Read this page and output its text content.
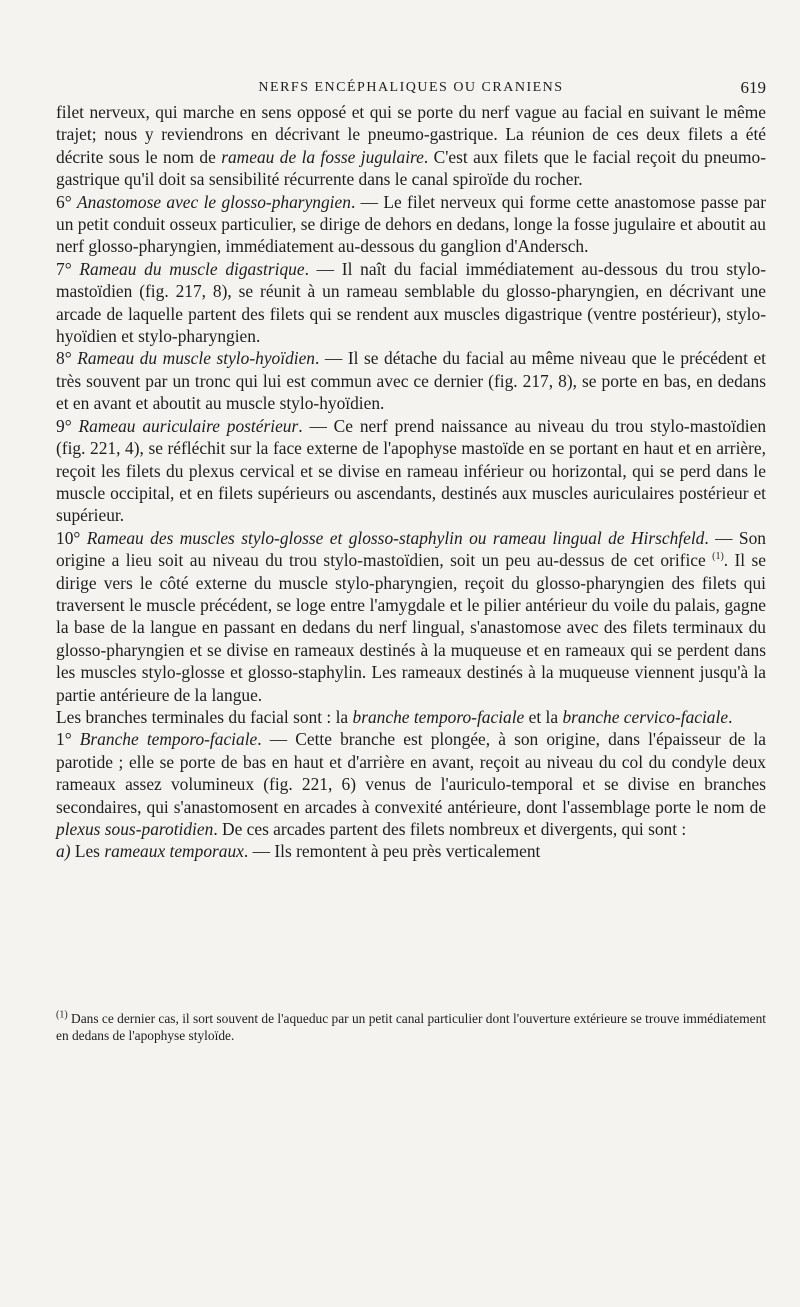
NERFS ENCÉPHALIQUES OU CRANIENS	619

filet nerveux, qui marche en sens opposé et qui se porte du nerf vague au facial en suivant le même trajet; nous y reviendrons en décrivant le pneumo-gastrique. La réunion de ces deux filets a été décrite sous le nom de rameau de la fosse jugulaire. C'est aux filets que le facial reçoit du pneumo-gastrique qu'il doit sa sensibilité récurrente dans le canal spiroïde du rocher.

6° Anastomose avec le glosso-pharyngien. — Le filet nerveux qui forme cette anastomose passe par un petit conduit osseux particulier, se dirige de dehors en dedans, longe la fosse jugulaire et aboutit au nerf glosso-pharyngien, immédiatement au-dessous du ganglion d'Andersch.

7° Rameau du muscle digastrique. — Il naît du facial immédiatement au-dessous du trou stylo-mastoïdien (fig. 217, 8), se réunit à un rameau semblable du glosso-pharyngien, en décrivant une arcade de laquelle partent des filets qui se rendent aux muscles digastrique (ventre postérieur), stylo-hyoïdien et stylo-pharyngien.

8° Rameau du muscle stylo-hyoïdien. — Il se détache du facial au même niveau que le précédent et très souvent par un tronc qui lui est commun avec ce dernier (fig. 217, 8), se porte en bas, en dedans et en avant et aboutit au muscle stylo-hyoïdien.

9° Rameau auriculaire postérieur. — Ce nerf prend naissance au niveau du trou stylo-mastoïdien (fig. 221, 4), se réfléchit sur la face externe de l'apophyse mastoïde en se portant en haut et en arrière, reçoit les filets du plexus cervical et se divise en rameau inférieur ou horizontal, qui se perd dans le muscle occipital, et en filets supérieurs ou ascendants, destinés aux muscles auriculaires postérieur et supérieur.

10° Rameau des muscles stylo-glosse et glosso-staphylin ou rameau lingual de Hirschfeld. — Son origine a lieu soit au niveau du trou stylo-mastoïdien, soit un peu au-dessus de cet orifice $^{(1)}$. Il se dirige vers le côté externe du muscle stylo-pharyngien, reçoit du glosso-pharyngien des filets qui traversent le muscle précédent, se loge entre l'amygdale et le pilier antérieur du voile du palais, gagne la base de la langue en passant en dedans du nerf lingual, s'anastomose avec des filets terminaux du glosso-pharyngien et se divise en rameaux destinés à la muqueuse et en rameaux qui se perdent dans les muscles stylo-glosse et glosso-staphylin. Les rameaux destinés à la muqueuse viennent jusqu'à la partie antérieure de la langue.

Les branches terminales du facial sont : la branche temporo-faciale et la branche cervico-faciale.

1° Branche temporo-faciale. — Cette branche est plongée, à son origine, dans l'épaisseur de la parotide ; elle se porte de bas en haut et d'arrière en avant, reçoit au niveau du col du condyle deux rameaux assez volumineux (fig. 221, 6) venus de l'auriculo-temporal et se divise en branches secondaires, qui s'anastomosent en arcades à convexité antérieure, dont l'assemblage porte le nom de plexus sous-parotidien. De ces arcades partent des filets nombreux et divergents, qui sont :

a) Les rameaux temporaux. — Ils remontent à peu près verticalement

$^{(1)}$ Dans ce dernier cas, il sort souvent de l'aqueduc par un petit canal particulier dont l'ouverture extérieure se trouve immédiatement en dedans de l'apophyse styloïde.
